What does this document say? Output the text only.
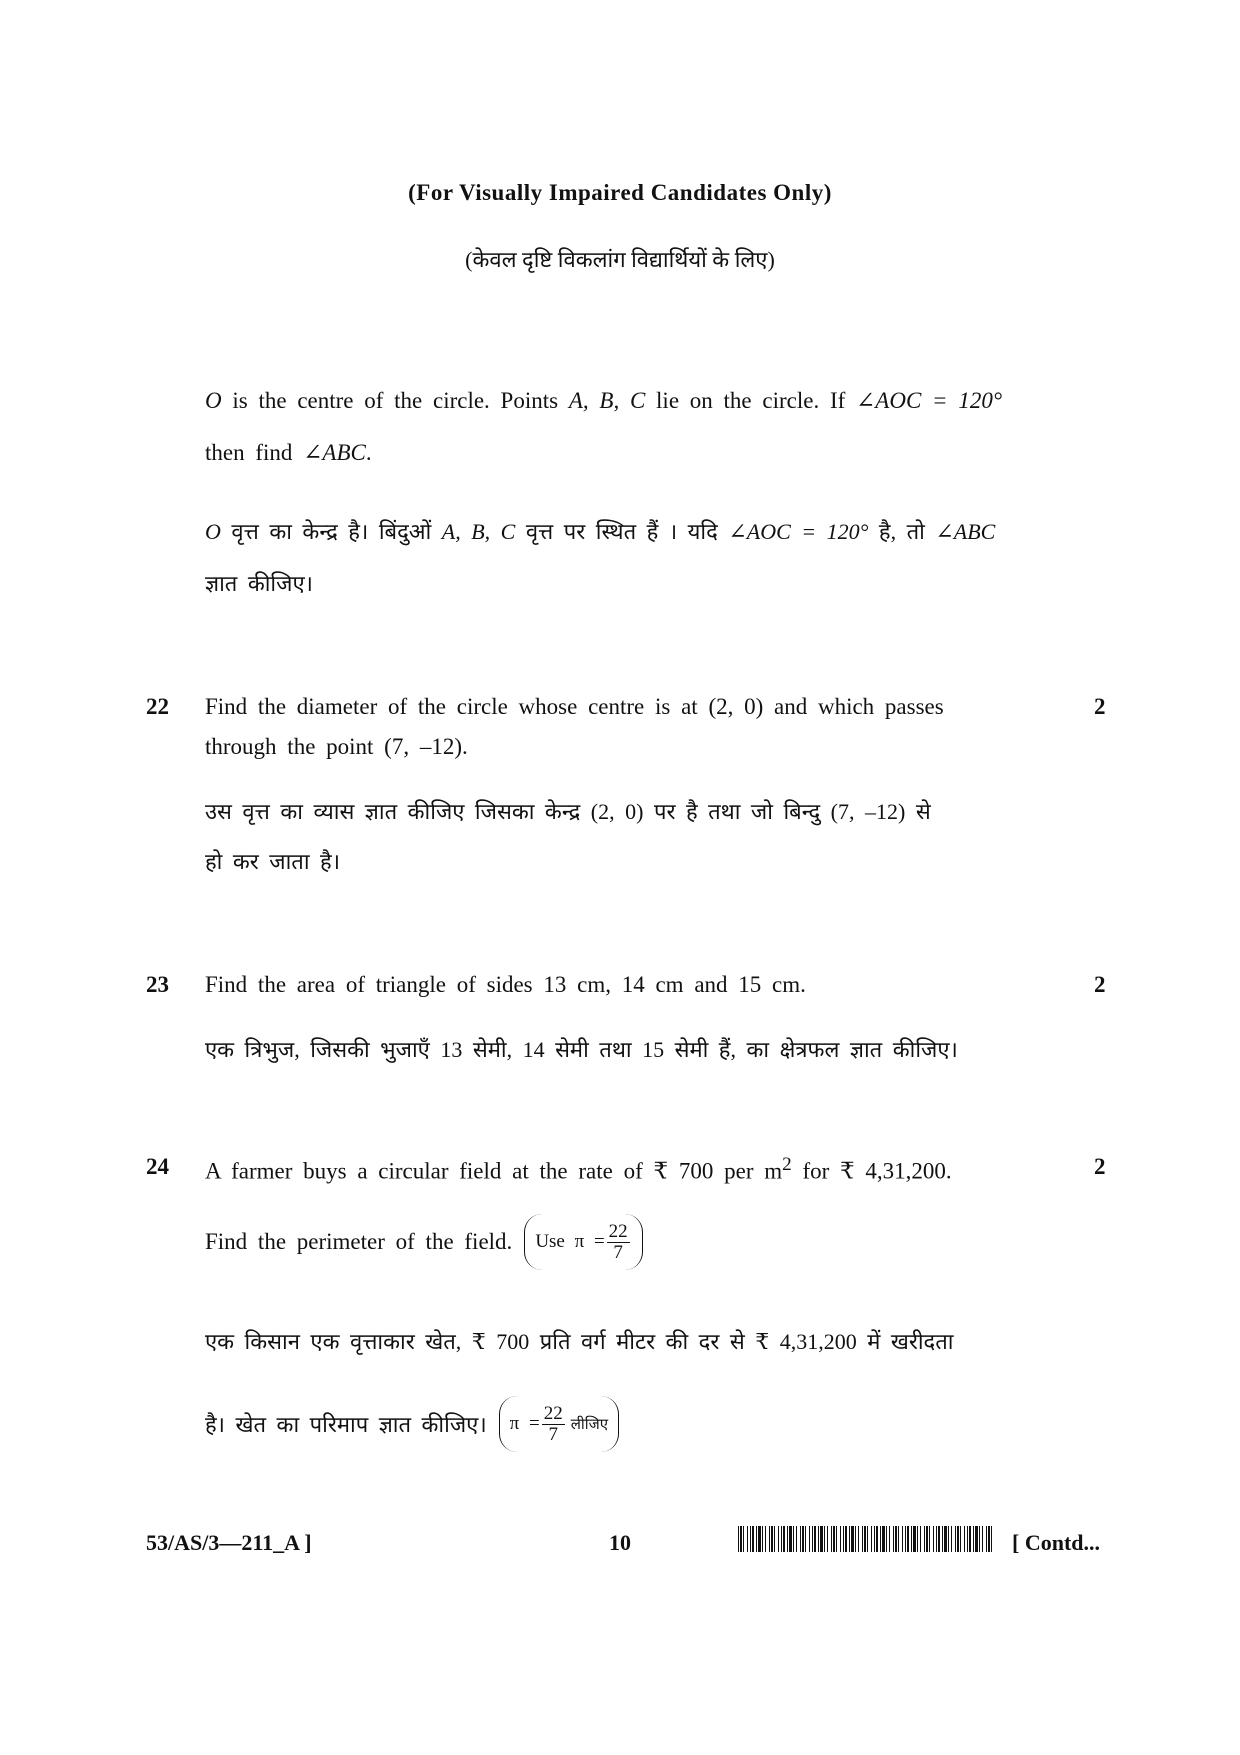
(For Visually Impaired Candidates Only)
(केवल दृष्टि विकलांग विद्यार्थियों के लिए)
O is the centre of the circle. Points A, B, C lie on the circle. If ∠AOC = 120°
then find ∠ABC.
O वृत्त का केन्द्र है। बिंदुओं A, B, C वृत्त पर स्थित हैं । यदि ∠AOC = 120° है, तो ∠ABC
ज्ञात कीजिए।
22	2
Find the diameter of the circle whose centre is at (2, 0) and which passes
through the point (7, –12).
उस वृत्त का व्यास ज्ञात कीजिए जिसका केन्द्र (2, 0) पर है तथा जो बिन्दु (7, –12) से
हो कर जाता है।
23	2
Find the area of triangle of sides 13 cm, 14 cm and 15 cm.
एक त्रिभुज, जिसकी भुजाएँ 13 सेमी, 14 सेमी तथा 15 सेमी हैं, का क्षेत्रफल ज्ञात कीजिए।
24	2
A farmer buys a circular field at the rate of ₹ 700 per $m^2$ for ₹ 4,31,200.
Find the perimeter of the field. Use $\pi = \frac{22}{7}$
एक किसान एक वृत्ताकार खेत, ₹ 700 प्रति वर्ग मीटर की दर से ₹ 4,31,200 में खरीदता
है। खेत का परिमाप ज्ञात कीजिए। $\pi = \frac{22}{7}$ लीजिए
53/AS/3—211_A ]	10	[ Contd...
